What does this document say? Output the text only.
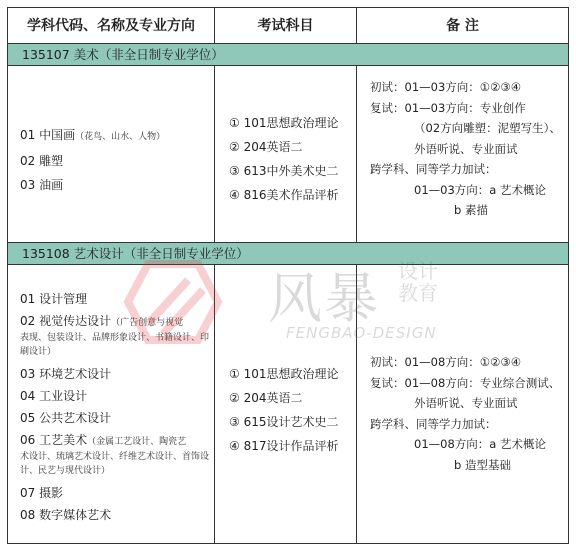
学科代码、名称及专业方向	考试科目	备 注
135107 美术（非全日制专业学位）
01 中国画（花鸟、山水、人物）
02 雕塑
03 油画
① 101思想政治理论
② 204英语二
③ 613中外美术史二
④ 816美术作品评析
初试：01—03方向：①②③④
复试：01—03方向：专业创作
（02方向雕塑：泥塑写生）、
外语听说、专业面试
跨学科、同等学力加试：
01—03方向：a 艺术概论
b 素描
135108 艺术设计（非全日制专业学位）
01 设计管理
02 视觉传达设计（广告创意与视觉
表现、包装设计、品牌形象设计、书籍设计、印刷设计）
03 环境艺术设计
04 工业设计
05 公共艺术设计
06 工艺美术（金属工艺设计、陶瓷艺
术设计、琉璃艺术设计、纤维艺术设计、首饰设计、民艺与现代设计）
07 摄影
08 数字媒体艺术
① 101思想政治理论
② 204英语二
③ 615设计艺术史二
④ 817设计作品评析
初试：01—08方向：①②③④
复试：01—08方向：专业综合测试、
外语听说、专业面试
跨学科、同等学力加试：
01—08方向：a 艺术概论
b 造型基础
风暴 设计 教育
FENGBAO-DESIGN
